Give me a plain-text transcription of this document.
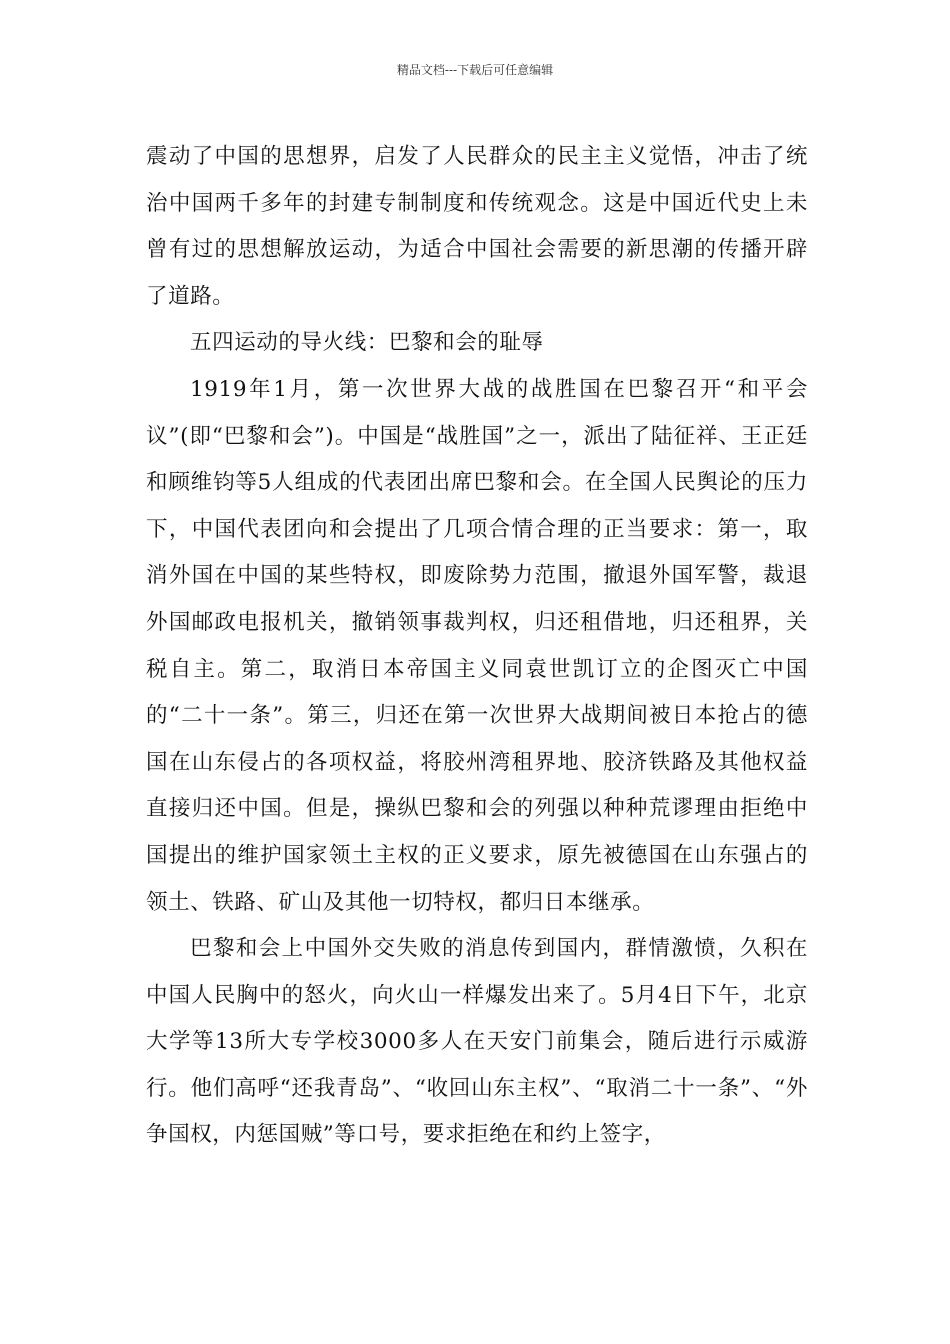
精品文档---下载后可任意编辑

震动了中国的思想界，启发了人民群众的民主主义觉悟，冲击了统治中国两千多年的封建专制制度和传统观念。这是中国近代史上未曾有过的思想解放运动，为适合中国社会需要的新思潮的传播开辟了道路。

五四运动的导火线：巴黎和会的耻辱

1919年1月，第一次世界大战的战胜国在巴黎召开“和平会议”(即“巴黎和会”)。中国是“战胜国”之一，派出了陆征祥、王正廷和顾维钧等5人组成的代表团出席巴黎和会。在全国人民舆论的压力下，中国代表团向和会提出了几项合情合理的正当要求：第一，取消外国在中国的某些特权，即废除势力范围，撤退外国军警，裁退外国邮政电报机关，撤销领事裁判权，归还租借地，归还租界，关税自主。第二，取消日本帝国主义同袁世凯订立的企图灭亡中国的“二十一条”。第三，归还在第一次世界大战期间被日本抢占的德国在山东侵占的各项权益，将胶州湾租界地、胶济铁路及其他权益直接归还中国。但是，操纵巴黎和会的列强以种种荒谬理由拒绝中国提出的维护国家领土主权的正义要求，原先被德国在山东强占的领土、铁路、矿山及其他一切特权，都归日本继承。

巴黎和会上中国外交失败的消息传到国内，群情激愤，久积在中国人民胸中的怒火，向火山一样爆发出来了。5月4日下午，北京大学等13所大专学校3000多人在天安门前集会，随后进行示威游行。他们高呼“还我青岛”、“收回山东主权”、“取消二十一条”、“外争国权，内惩国贼”等口号，要求拒绝在和约上签字，
